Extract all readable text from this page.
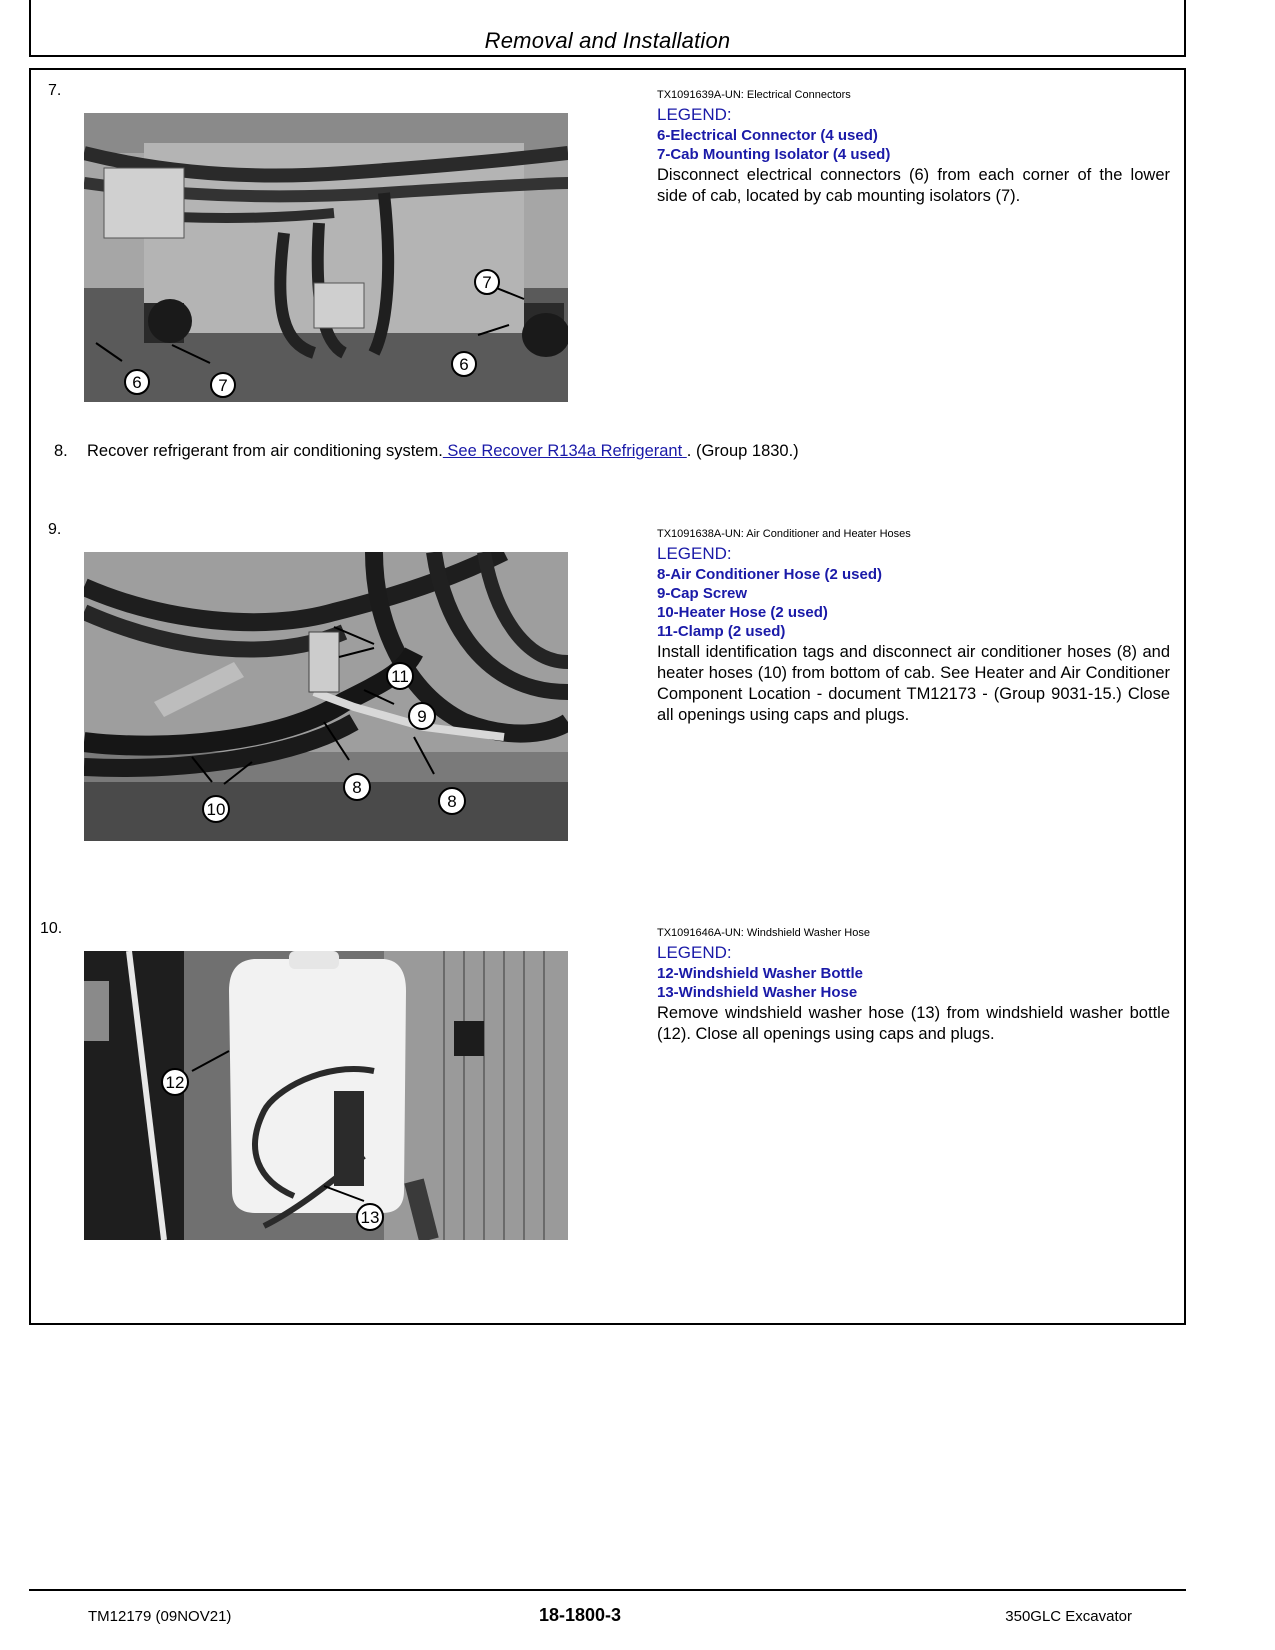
Removal and Installation
7.
6	7
6
7
TX1091639A-UN: Electrical Connectors
LEGEND:
6-Electrical Connector (4 used)
7-Cab Mounting Isolator (4 used)
Disconnect electrical connectors (6) from each corner of the lower side of cab, located by cab mounting isolators (7).
8. Recover refrigerant from air conditioning system. See Recover R134a Refrigerant . (Group 1830.)
9.
11
9
8
8
10
TX1091638A-UN: Air Conditioner and Heater Hoses
LEGEND:
8-Air Conditioner Hose (2 used)
9-Cap Screw
10-Heater Hose (2 used)
11-Clamp (2 used)
Install identification tags and disconnect air conditioner hoses (8) and heater hoses (10) from bottom of cab. See Heater and Air Conditioner Component Location - document TM12173 - (Group 9031-15.) Close all openings using caps and plugs.
10.
12
13
TX1091646A-UN: Windshield Washer Hose
LEGEND:
12-Windshield Washer Bottle
13-Windshield Washer Hose
Remove windshield washer hose (13) from windshield washer bottle (12). Close all openings using caps and plugs.
TM12179 (09NOV21)	18-1800-3	350GLC Excavator
